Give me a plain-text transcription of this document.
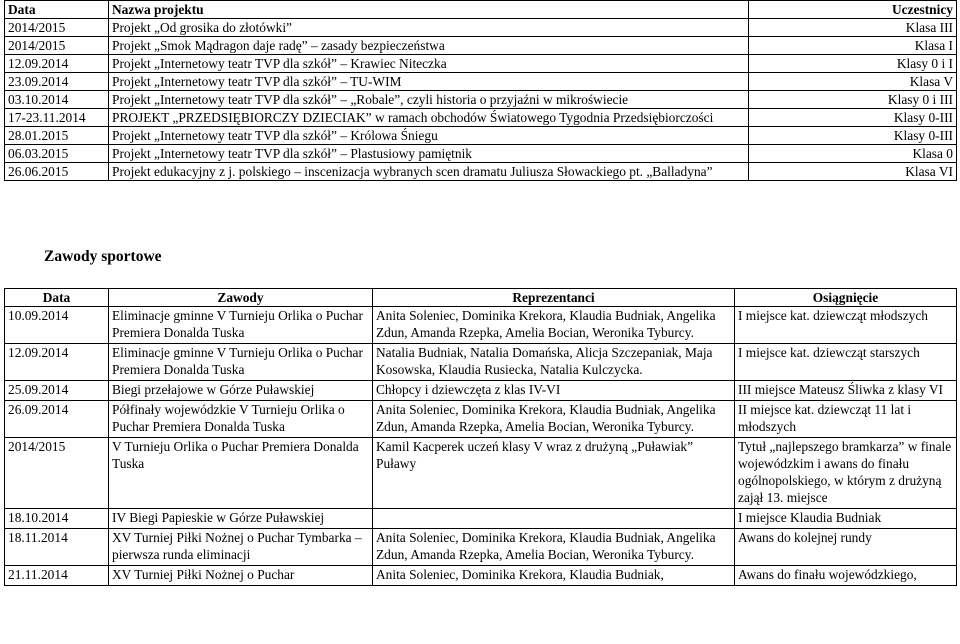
Data	Nazwa projektu	Uczestnicy
2014/2015	Projekt „Od grosika do złotówki”	Klasa III
2014/2015	Projekt „Smok Mądragon daje radę” – zasady bezpieczeństwa	Klasa I
12.09.2014	Projekt „Internetowy teatr TVP dla szkół” – Krawiec Niteczka	Klasy 0 i I
23.09.2014	Projekt „Internetowy teatr TVP dla szkół” – TU-WIM	Klasa V
03.10.2014	Projekt „Internetowy teatr TVP dla szkół” – „Robale”, czyli historia o przyjaźni w mikroświecie	Klasy 0 i III
17-23.11.2014	PROJEKT „PRZEDSIĘBIORCZY DZIECIAK” w ramach obchodów Światowego Tygodnia Przedsiębiorczości	Klasy 0-III
28.01.2015	Projekt „Internetowy teatr TVP dla szkół” – Królowa Śniegu	Klasy 0-III
06.03.2015	Projekt „Internetowy teatr TVP dla szkół” – Plastusiowy pamiętnik	Klasa 0
26.06.2015	Projekt edukacyjny z j. polskiego – inscenizacja wybranych scen dramatu Juliusza Słowackiego pt. „Balladyna”	Klasa VI
Zawody sportowe
Data	Zawody	Reprezentanci	Osiągnięcie
10.09.2014	Eliminacje gminne V Turnieju Orlika o Puchar Premiera Donalda Tuska	Anita Soleniec, Dominika Krekora, Klaudia Budniak, Angelika Zdun, Amanda Rzepka, Amelia Bocian, Weronika Tyburcy.	I miejsce kat. dziewcząt młodszych
12.09.2014	Eliminacje gminne V Turnieju Orlika o Puchar Premiera Donalda Tuska	Natalia Budniak, Natalia Domańska, Alicja Szczepaniak, Maja Kosowska, Klaudia Rusiecka, Natalia Kulczycka.	I miejsce kat. dziewcząt starszych
25.09.2014	Biegi przełajowe w Górze Puławskiej	Chłopcy i dziewczęta z klas IV-VI	III miejsce Mateusz Śliwka z klasy VI
26.09.2014	Półfinały wojewódzkie V Turnieju Orlika o Puchar Premiera Donalda Tuska	Anita Soleniec, Dominika Krekora, Klaudia Budniak, Angelika Zdun, Amanda Rzepka, Amelia Bocian, Weronika Tyburcy.	II miejsce kat. dziewcząt 11 lat i młodszych
2014/2015	V Turnieju Orlika o Puchar Premiera Donalda Tuska	Kamil Kacperek uczeń klasy V wraz z drużyną „Puławiak” Puławy	Tytuł „najlepszego bramkarza” w finale wojewódzkim i awans do finału ogólnopolskiego, w którym z drużyną zajął 13. miejsce
18.10.2014	IV Biegi Papieskie w Górze Puławskiej		I miejsce Klaudia Budniak
18.11.2014	XV Turniej Piłki Nożnej o Puchar Tymbarka – pierwsza runda eliminacji	Anita Soleniec, Dominika Krekora, Klaudia Budniak, Angelika Zdun, Amanda Rzepka, Amelia Bocian, Weronika Tyburcy.	Awans do kolejnej rundy
21.11.2014	XV Turniej Piłki Nożnej o Puchar	Anita Soleniec, Dominika Krekora, Klaudia Budniak,	Awans do finału wojewódzkiego,
